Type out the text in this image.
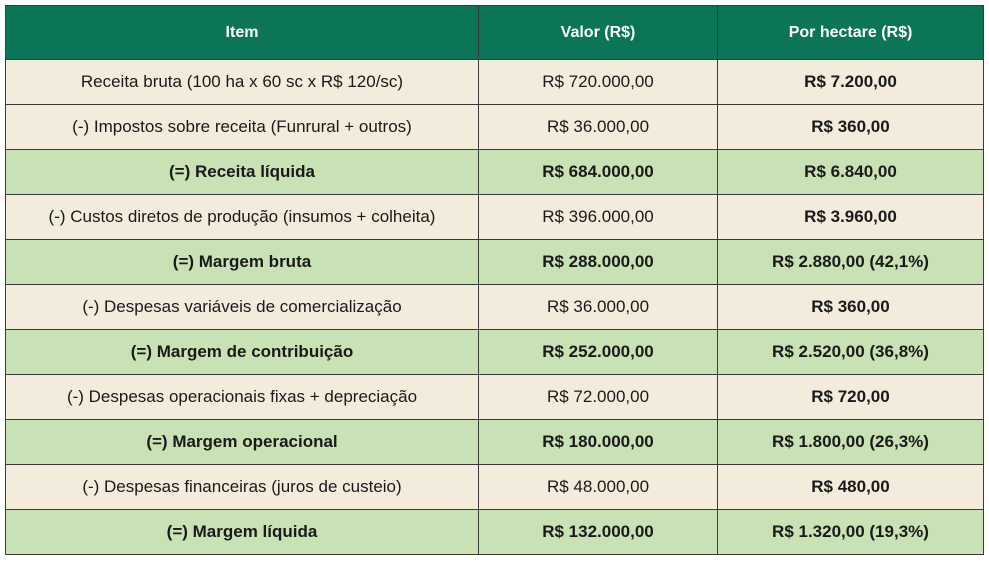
Item	Valor (R$)	Por hectare (R$)
Receita bruta (100 ha x 60 sc x R$ 120/sc)	R$ 720.000,00	R$ 7.200,00
(-) Impostos sobre receita (Funrural + outros)	R$ 36.000,00	R$ 360,00
(=) Receita líquida	R$ 684.000,00	R$ 6.840,00
(-) Custos diretos de produção (insumos + colheita)	R$ 396.000,00	R$ 3.960,00
(=) Margem bruta	R$ 288.000,00	R$ 2.880,00 (42,1%)
(-) Despesas variáveis de comercialização	R$ 36.000,00	R$ 360,00
(=) Margem de contribuição	R$ 252.000,00	R$ 2.520,00 (36,8%)
(-) Despesas operacionais fixas + depreciação	R$ 72.000,00	R$ 720,00
(=) Margem operacional	R$ 180.000,00	R$ 1.800,00 (26,3%)
(-) Despesas financeiras (juros de custeio)	R$ 48.000,00	R$ 480,00
(=) Margem líquida	R$ 132.000,00	R$ 1.320,00 (19,3%)
